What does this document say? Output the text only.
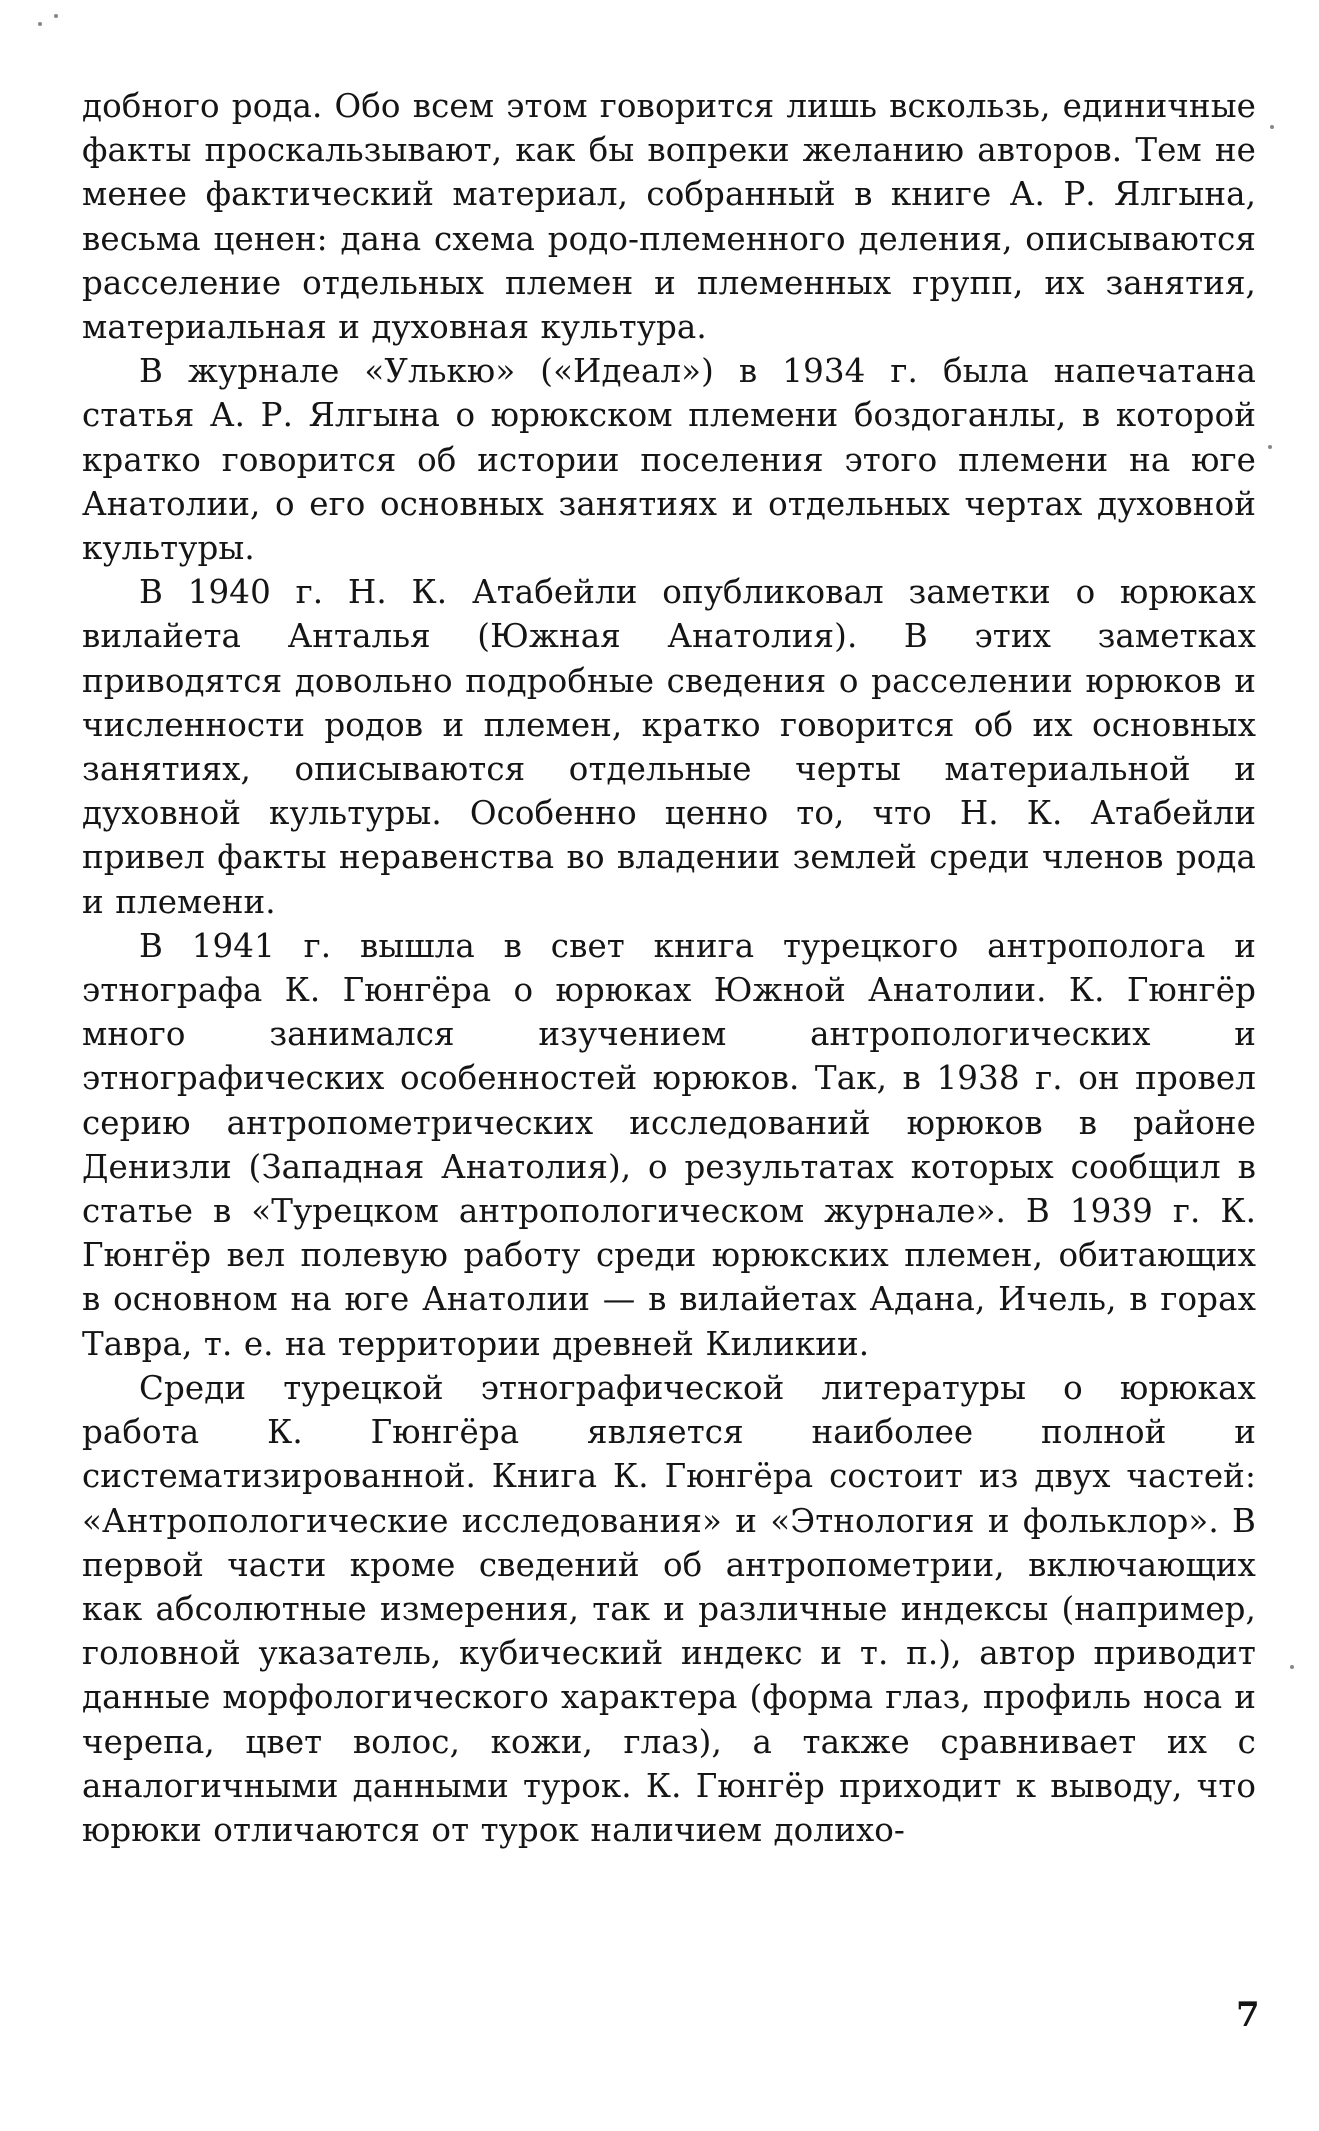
добного рода. Обо всем этом говорится лишь вскользь, единичные факты проскальзывают, как бы вопреки желанию авторов. Тем не менее фактический материал, собранный в книге А. Р. Ялгына, весьма ценен: дана схема родо-племенного деления, описываются расселение отдельных племен и племенных групп, их занятия, материальная и духовная культура.

В журнале «Улькю» («Идеал») в 1934 г. была напечатана статья А. Р. Ялгына о юрюкском племени боздоганлы, в которой кратко говорится об истории поселения этого племени на юге Анатолии, о его основных занятиях и отдельных чертах духовной культуры.

В 1940 г. Н. К. Атабейли опубликовал заметки о юрюках вилайета Анталья (Южная Анатолия). В этих заметках приводятся довольно подробные сведения о расселении юрюков и численности родов и племен, кратко говорится об их основных занятиях, описываются отдельные черты материальной и духовной культуры. Особенно ценно то, что Н. К. Атабейли привел факты неравенства во владении землей среди членов рода и племени.

В 1941 г. вышла в свет книга турецкого антрополога и этнографа К. Гюнгёра о юрюках Южной Анатолии. К. Гюнгёр много занимался изучением антропологических и этнографических особенностей юрюков. Так, в 1938 г. он провел серию антропометрических исследований юрюков в районе Денизли (Западная Анатолия), о результатах которых сообщил в статье в «Турецком антропологическом журнале». В 1939 г. К. Гюнгёр вел полевую работу среди юрюкских племен, обитающих в основном на юге Анатолии — в вилайетах Адана, Ичель, в горах Тавра, т. е. на территории древней Киликии.

Среди турецкой этнографической литературы о юрюках работа К. Гюнгёра является наиболее полной и систематизированной. Книга К. Гюнгёра состоит из двух частей: «Антропологические исследования» и «Этнология и фольклор». В первой части кроме сведений об антропометрии, включающих как абсолютные измерения, так и различные индексы (например, головной указатель, кубический индекс и т. п.), автор приводит данные морфологического характера (форма глаз, профиль носа и черепа, цвет волос, кожи, глаз), а также сравнивает их с аналогичными данными турок. К. Гюнгёр приходит к выводу, что юрюки отличаются от турок наличием долихо-

7
